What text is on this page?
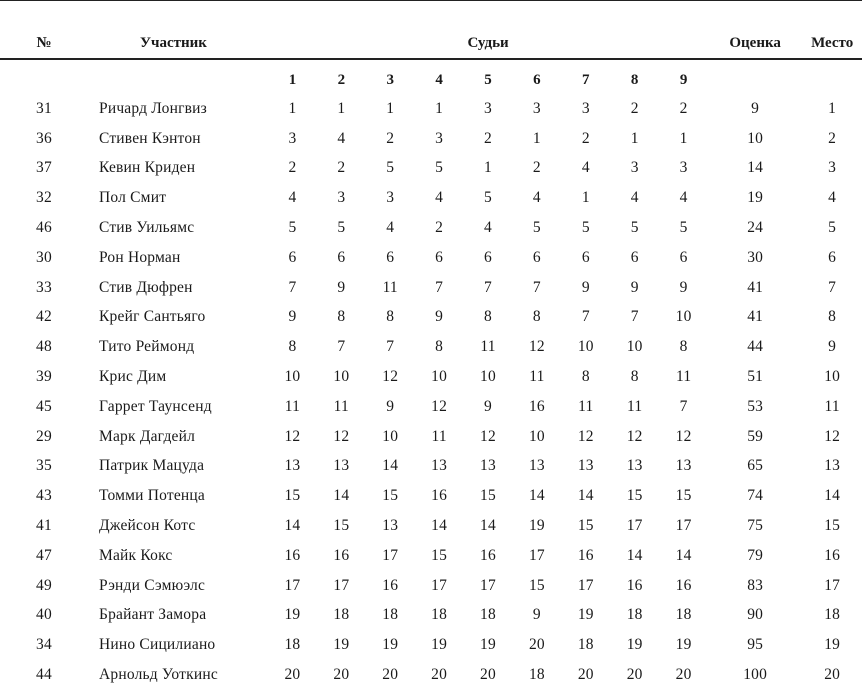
№	Участник	Судьи									Оценка	Место
		1	2	3	4	5	6	7	8	9		
31	Ричард Лонгвиз	1	1	1	1	3	3	3	2	2	9	1
36	Стивен Кэнтон	3	4	2	3	2	1	2	1	1	10	2
37	Кевин Криден	2	2	5	5	1	2	4	3	3	14	3
32	Пол Смит	4	3	3	4	5	4	1	4	4	19	4
46	Стив Уильямс	5	5	4	2	4	5	5	5	5	24	5
30	Рон Норман	6	6	6	6	6	6	6	6	6	30	6
33	Стив Дюфрен	7	9	11	7	7	7	9	9	9	41	7
42	Крейг Сантьяго	9	8	8	9	8	8	7	7	10	41	8
48	Тито Реймонд	8	7	7	8	11	12	10	10	8	44	9
39	Крис Дим	10	10	12	10	10	11	8	8	11	51	10
45	Гаррет Таунсенд	11	11	9	12	9	16	11	11	7	53	11
29	Марк Дагдейл	12	12	10	11	12	10	12	12	12	59	12
35	Патрик Мацуда	13	13	14	13	13	13	13	13	13	65	13
43	Томми Потенца	15	14	15	16	15	14	14	15	15	74	14
41	Джейсон Котс	14	15	13	14	14	19	15	17	17	75	15
47	Майк Кокс	16	16	17	15	16	17	16	14	14	79	16
49	Рэнди Сэмюэлс	17	17	16	17	17	15	17	16	16	83	17
40	Брайант Замора	19	18	18	18	18	9	19	18	18	90	18
34	Нино Сицилиано	18	19	19	19	19	20	18	19	19	95	19
44	Арнольд Уоткинс	20	20	20	20	20	18	20	20	20	100	20
